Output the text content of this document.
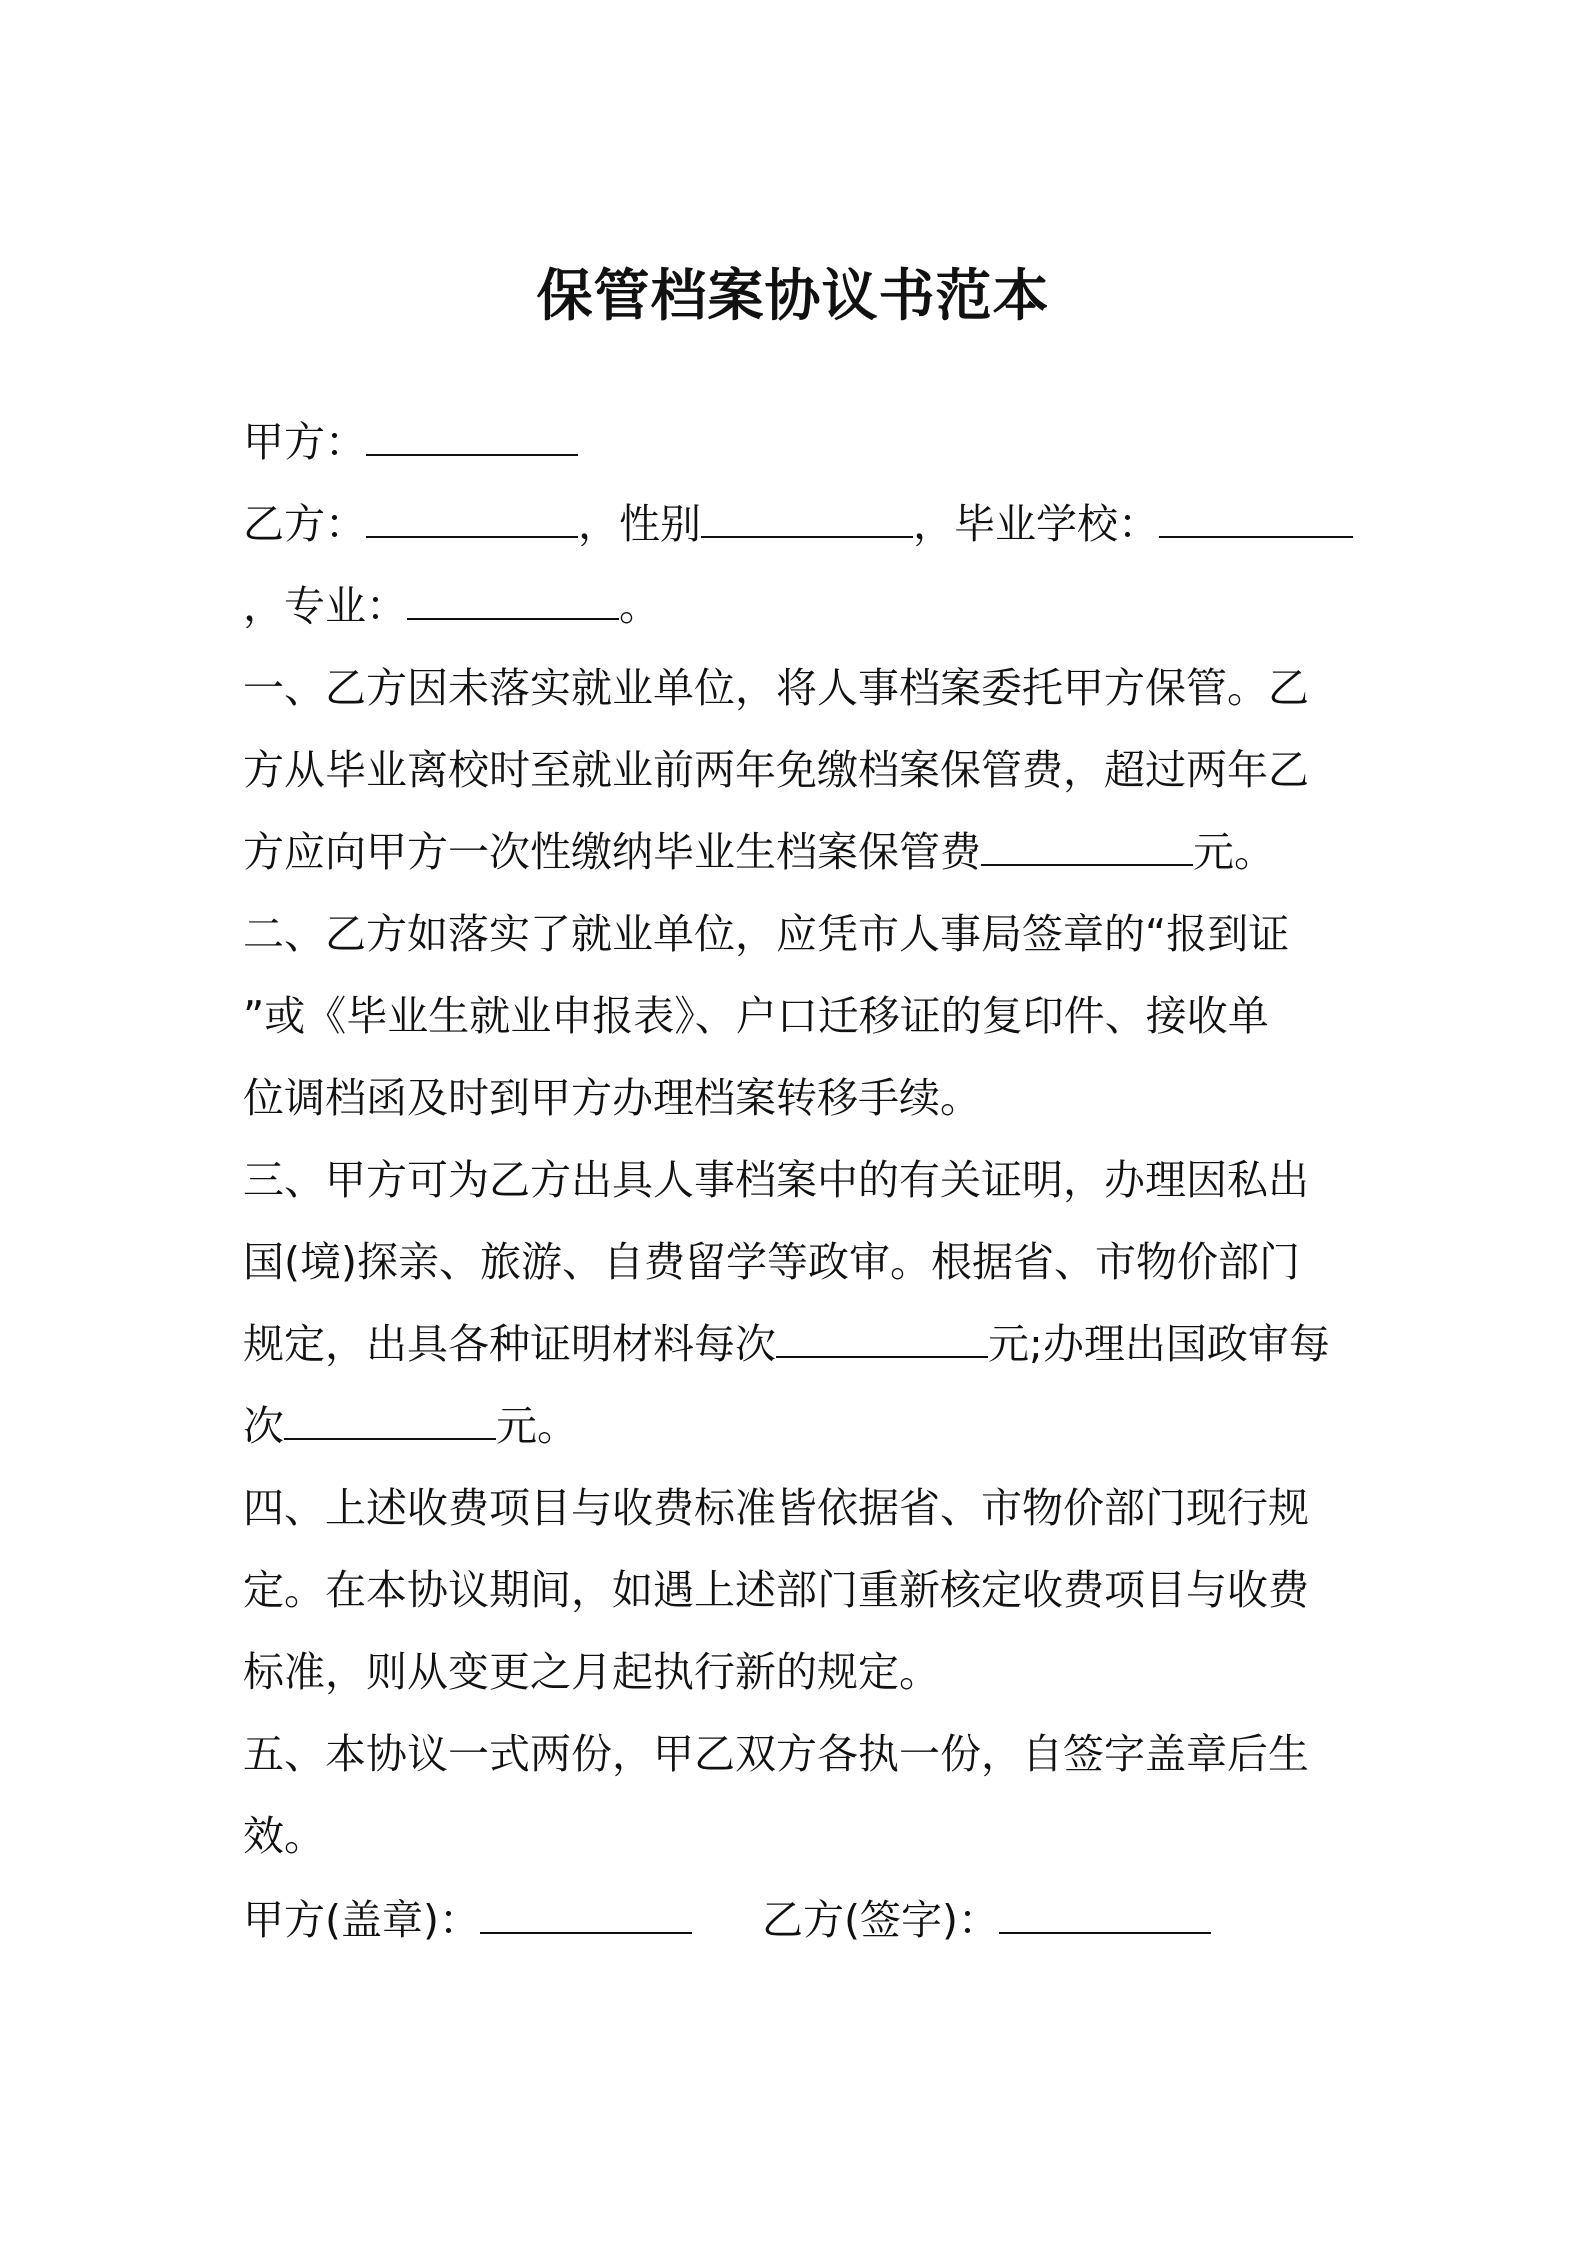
保管档案协议书范本
甲方：
乙方：	，性别	，毕业学校：
，专业：	。
一、乙方因未落实就业单位，将人事档案委托甲方保管。乙
方从毕业离校时至就业前两年免缴档案保管费，超过两年乙
方应向甲方一次性缴纳毕业生档案保管费	元。
二、乙方如落实了就业单位，应凭市人事局签章的“报到证
”或《毕业生就业申报表》、户口迁移证的复印件、接收单
位调档函及时到甲方办理档案转移手续。
三、甲方可为乙方出具人事档案中的有关证明，办理因私出
国(境)探亲、旅游、自费留学等政审。根据省、市物价部门
规定，出具各种证明材料每次	元;办理出国政审每
次	元。
四、上述收费项目与收费标准皆依据省、市物价部门现行规
定。在本协议期间，如遇上述部门重新核定收费项目与收费
标准，则从变更之月起执行新的规定。
五、本协议一式两份，甲乙双方各执一份，自签字盖章后生
效。
甲方(盖章)：	乙方(签字)：
